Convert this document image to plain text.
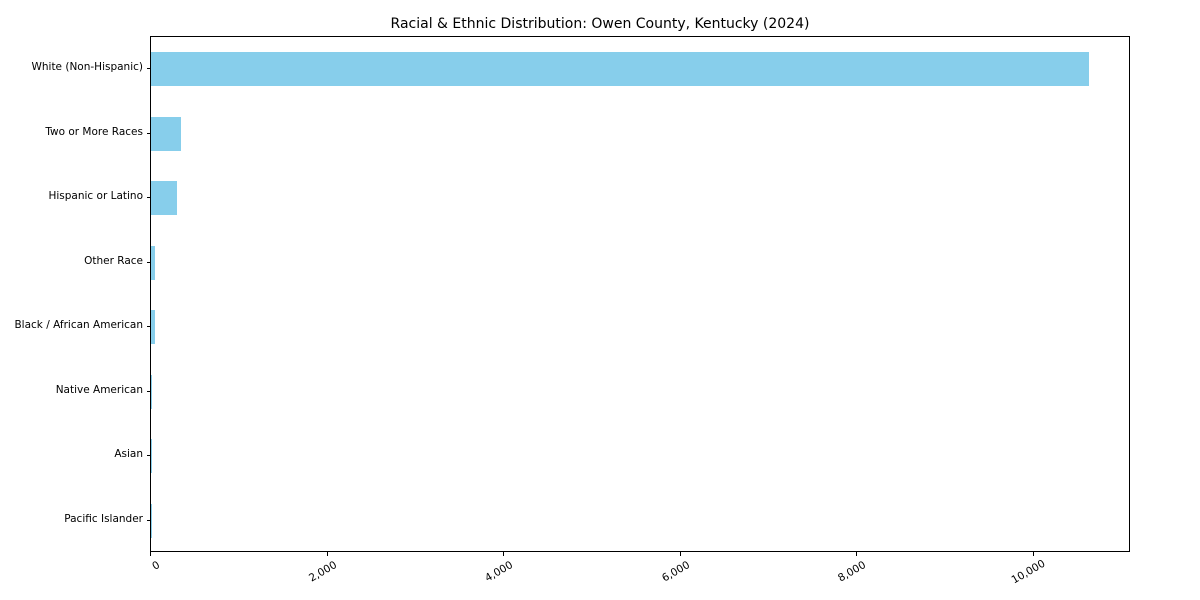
Racial & Ethnic Distribution: Owen County, Kentucky (2024)
White (Non-Hispanic)
Two or More Races
Hispanic or Latino
Other Race
Black / African American
Native American
Asian
Pacific Islander
0	2,000	4,000	6,000	8,000	10,000
